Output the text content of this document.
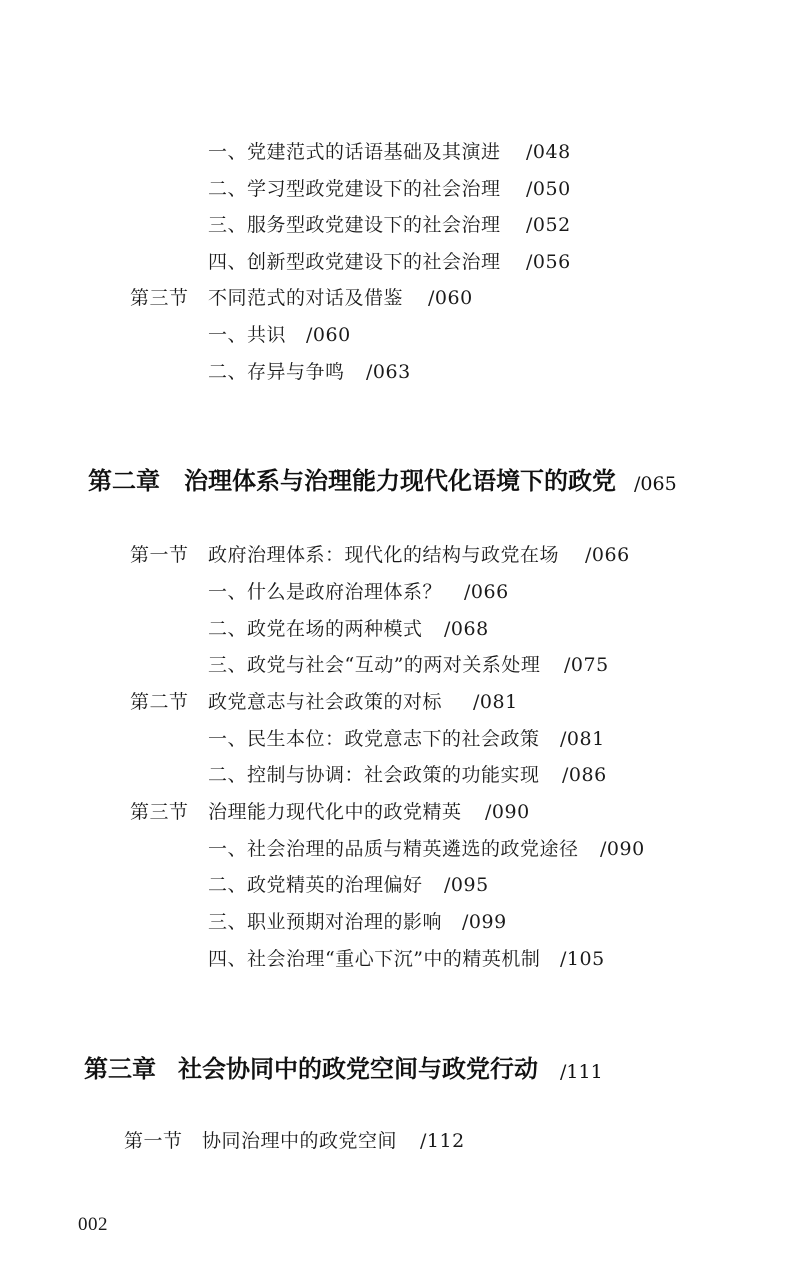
一、党建范式的话语基础及其演进 /048
二、学习型政党建设下的社会治理 /050
三、服务型政党建设下的社会治理 /052
四、创新型政党建设下的社会治理 /056
第三节　不同范式的对话及借鉴 /060
一、共识 /060
二、存异与争鸣 /063
第二章 治理体系与治理能力现代化语境下的政党 /065
第一节　政府治理体系：现代化的结构与政党在场 /066
一、什么是政府治理体系？ /066
二、政党在场的两种模式 /068
三、政党与社会“互动”的两对关系处理 /075
第二节　政党意志与社会政策的对标 /081
一、民生本位：政党意志下的社会政策 /081
二、控制与协调：社会政策的功能实现 /086
第三节　治理能力现代化中的政党精英 /090
一、社会治理的品质与精英遴选的政党途径 /090
二、政党精英的治理偏好 /095
三、职业预期对治理的影响 /099
四、社会治理“重心下沉”中的精英机制 /105
第三章 社会协同中的政党空间与政党行动 /111
第一节　协同治理中的政党空间 /112
002
